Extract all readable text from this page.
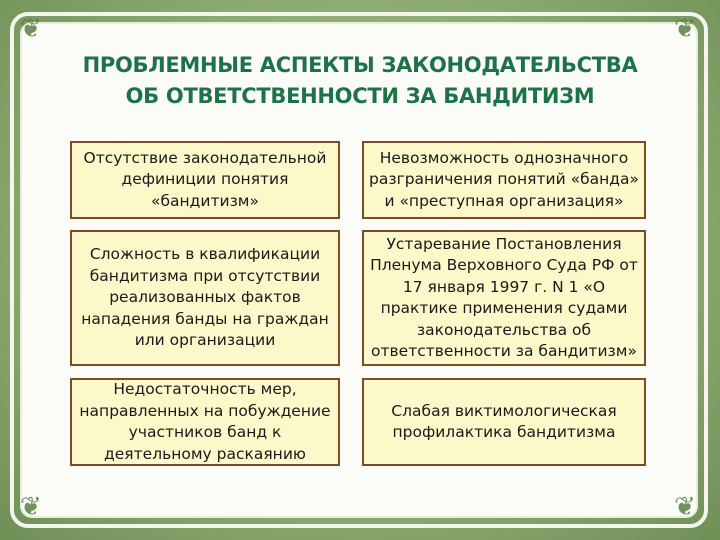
❦	❦
❦	❦
ПРОБЛЕМНЫЕ АСПЕКТЫ ЗАКОНОДАТЕЛЬСТВА
ОБ ОТВЕТСТВЕННОСТИ ЗА БАНДИТИЗМ
Отсутствие законодательной дефиниции понятия «бандитизм»
Невозможность однозначного разграничения понятий «банда» и «преступная организация»
Сложность в квалификации бандитизма при отсутствии реализованных фактов нападения банды на граждан или организации
Устаревание Постановления Пленума Верховного Суда РФ от 17 января 1997 г. N 1 «О практике применения судами законодательства об ответственности за бандитизм»
Недостаточность мер, направленных на побуждение участников банд к деятельному раскаянию
Слабая виктимологическая профилактика бандитизма
